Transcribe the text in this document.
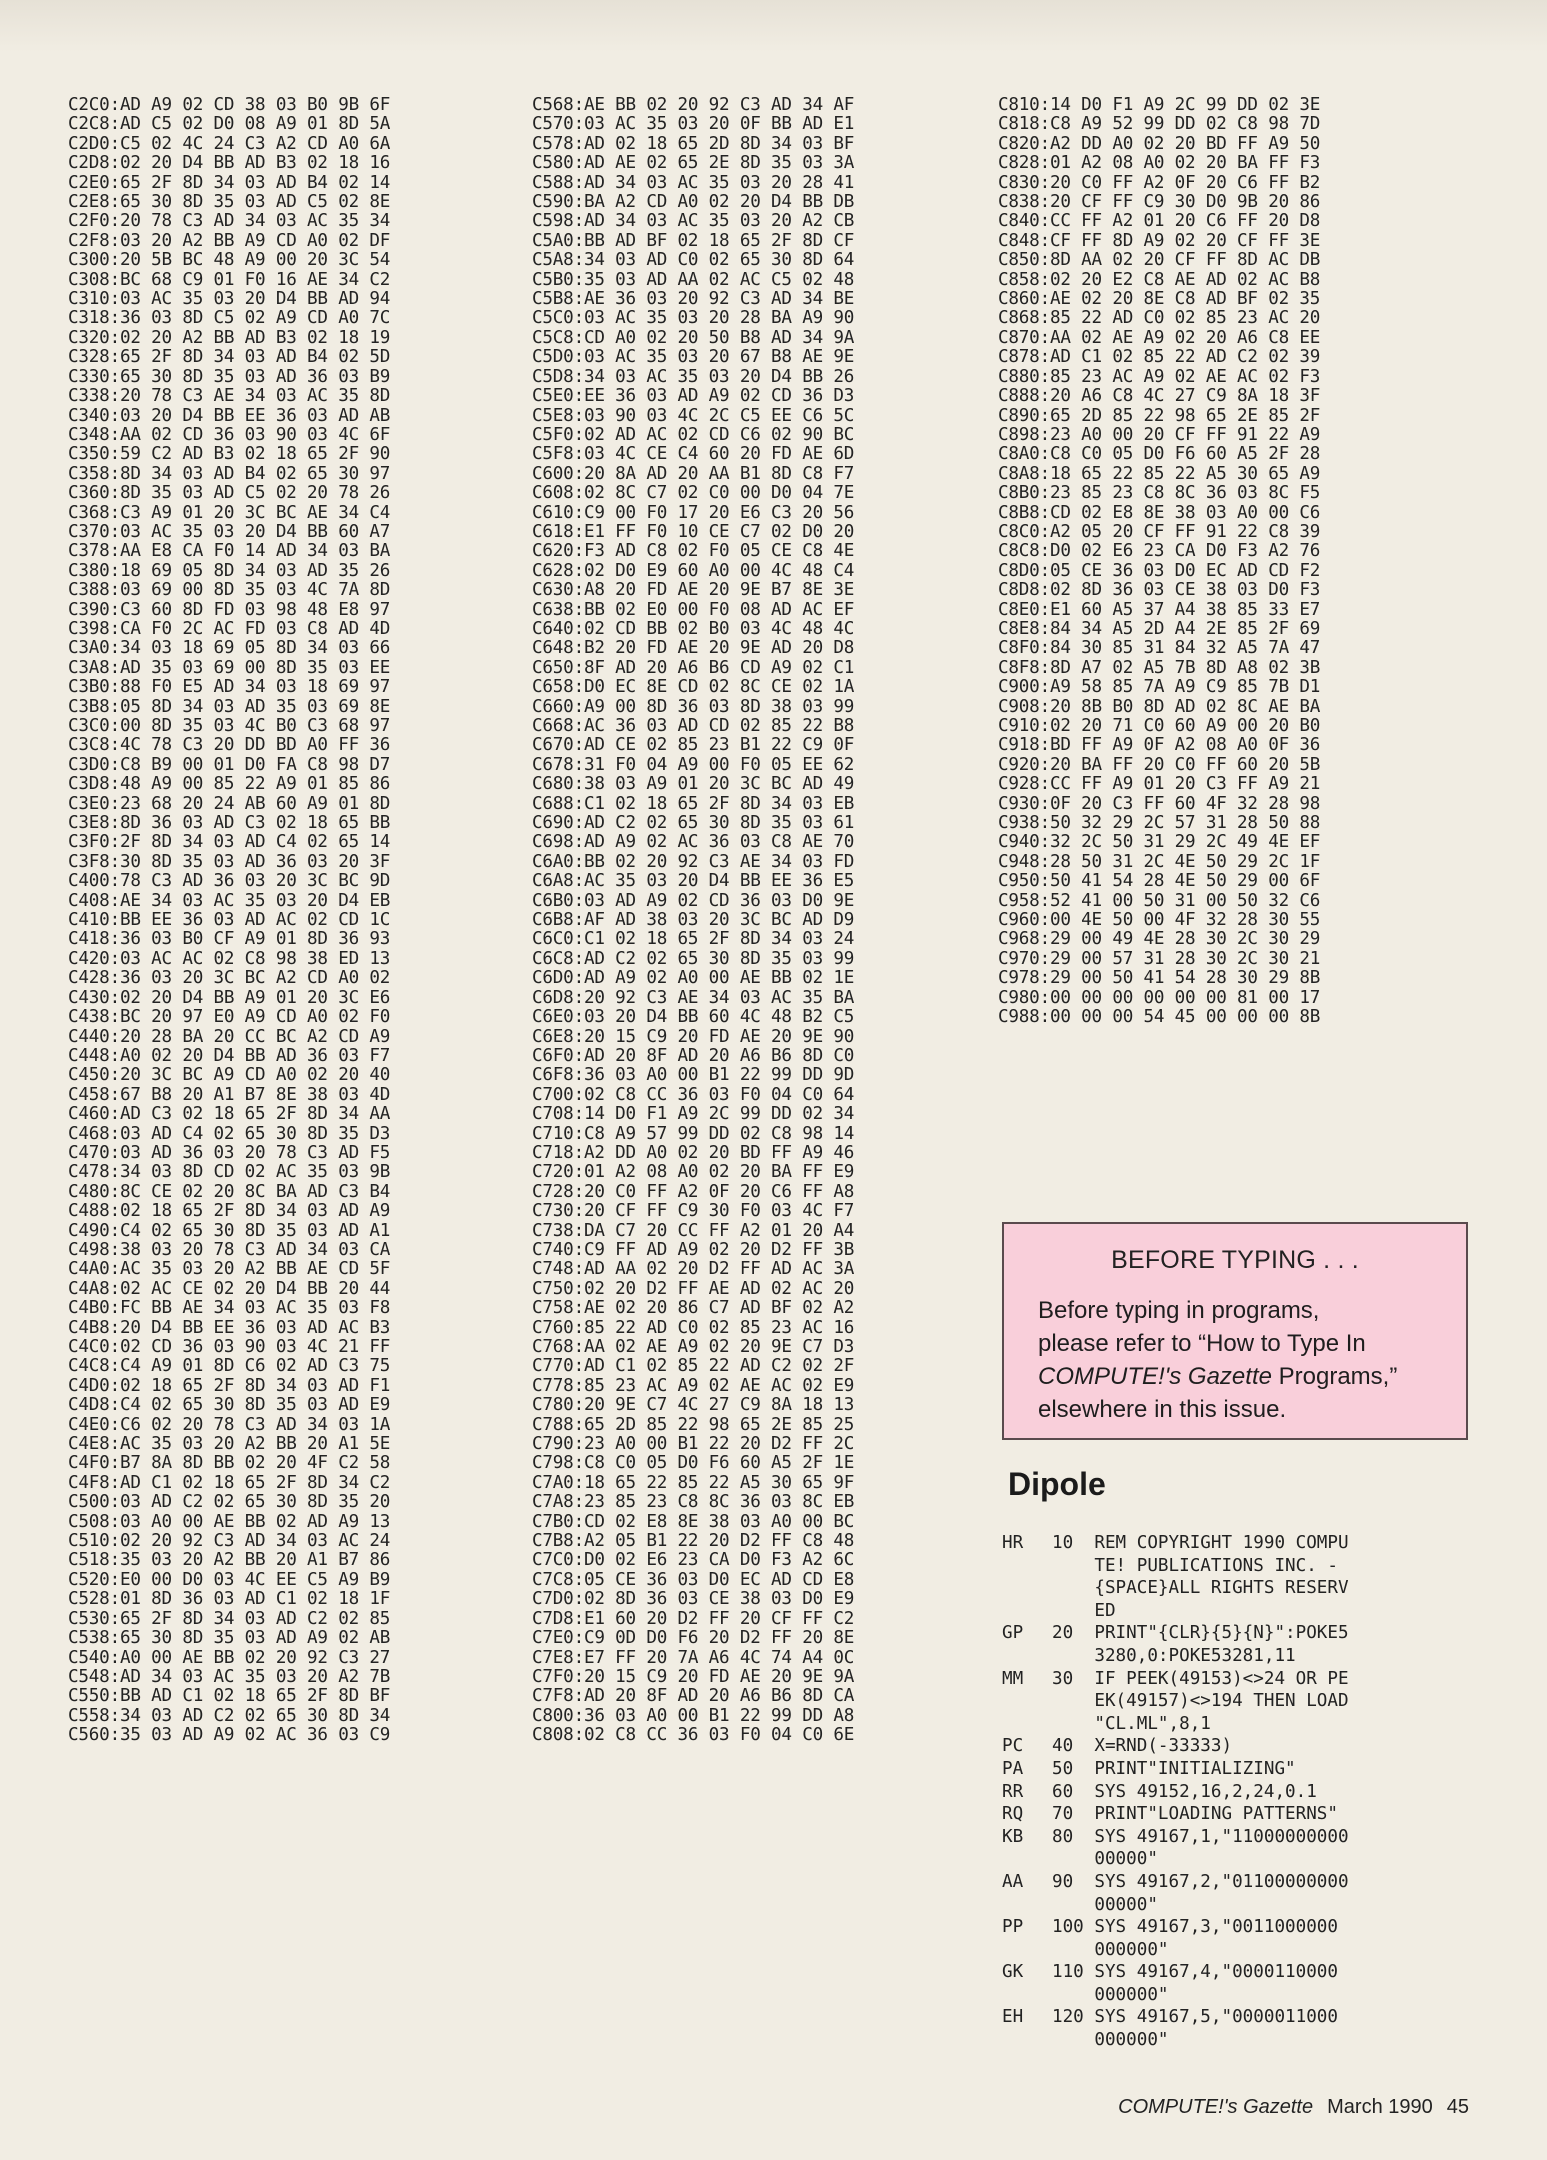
C2C0:AD A9 02 CD 38 03 B0 9B 6F
C2C8:AD C5 02 D0 08 A9 01 8D 5A
C2D0:C5 02 4C 24 C3 A2 CD A0 6A
C2D8:02 20 D4 BB AD B3 02 18 16
C2E0:65 2F 8D 34 03 AD B4 02 14
C2E8:65 30 8D 35 03 AD C5 02 8E
C2F0:20 78 C3 AD 34 03 AC 35 34
C2F8:03 20 A2 BB A9 CD A0 02 DF
C300:20 5B BC 48 A9 00 20 3C 54
C308:BC 68 C9 01 F0 16 AE 34 C2
C310:03 AC 35 03 20 D4 BB AD 94
C318:36 03 8D C5 02 A9 CD A0 7C
C320:02 20 A2 BB AD B3 02 18 19
C328:65 2F 8D 34 03 AD B4 02 5D
C330:65 30 8D 35 03 AD 36 03 B9
C338:20 78 C3 AE 34 03 AC 35 8D
C340:03 20 D4 BB EE 36 03 AD AB
C348:AA 02 CD 36 03 90 03 4C 6F
C350:59 C2 AD B3 02 18 65 2F 90
C358:8D 34 03 AD B4 02 65 30 97
C360:8D 35 03 AD C5 02 20 78 26
C368:C3 A9 01 20 3C BC AE 34 C4
C370:03 AC 35 03 20 D4 BB 60 A7
C378:AA E8 CA F0 14 AD 34 03 BA
C380:18 69 05 8D 34 03 AD 35 26
C388:03 69 00 8D 35 03 4C 7A 8D
C390:C3 60 8D FD 03 98 48 E8 97
C398:CA F0 2C AC FD 03 C8 AD 4D
C3A0:34 03 18 69 05 8D 34 03 66
C3A8:AD 35 03 69 00 8D 35 03 EE
C3B0:88 F0 E5 AD 34 03 18 69 97
C3B8:05 8D 34 03 AD 35 03 69 8E
C3C0:00 8D 35 03 4C B0 C3 68 97
C3C8:4C 78 C3 20 DD BD A0 FF 36
C3D0:C8 B9 00 01 D0 FA C8 98 D7
C3D8:48 A9 00 85 22 A9 01 85 86
C3E0:23 68 20 24 AB 60 A9 01 8D
C3E8:8D 36 03 AD C3 02 18 65 BB
C3F0:2F 8D 34 03 AD C4 02 65 14
C3F8:30 8D 35 03 AD 36 03 20 3F
C400:78 C3 AD 36 03 20 3C BC 9D
C408:AE 34 03 AC 35 03 20 D4 EB
C410:BB EE 36 03 AD AC 02 CD 1C
C418:36 03 B0 CF A9 01 8D 36 93
C420:03 AC AC 02 C8 98 38 ED 13
C428:36 03 20 3C BC A2 CD A0 02
C430:02 20 D4 BB A9 01 20 3C E6
C438:BC 20 97 E0 A9 CD A0 02 F0
C440:20 28 BA 20 CC BC A2 CD A9
C448:A0 02 20 D4 BB AD 36 03 F7
C450:20 3C BC A9 CD A0 02 20 40
C458:67 B8 20 A1 B7 8E 38 03 4D
C460:AD C3 02 18 65 2F 8D 34 AA
C468:03 AD C4 02 65 30 8D 35 D3
C470:03 AD 36 03 20 78 C3 AD F5
C478:34 03 8D CD 02 AC 35 03 9B
C480:8C CE 02 20 8C BA AD C3 B4
C488:02 18 65 2F 8D 34 03 AD A9
C490:C4 02 65 30 8D 35 03 AD A1
C498:38 03 20 78 C3 AD 34 03 CA
C4A0:AC 35 03 20 A2 BB AE CD 5F
C4A8:02 AC CE 02 20 D4 BB 20 44
C4B0:FC BB AE 34 03 AC 35 03 F8
C4B8:20 D4 BB EE 36 03 AD AC B3
C4C0:02 CD 36 03 90 03 4C 21 FF
C4C8:C4 A9 01 8D C6 02 AD C3 75
C4D0:02 18 65 2F 8D 34 03 AD F1
C4D8:C4 02 65 30 8D 35 03 AD E9
C4E0:C6 02 20 78 C3 AD 34 03 1A
C4E8:AC 35 03 20 A2 BB 20 A1 5E
C4F0:B7 8A 8D BB 02 20 4F C2 58
C4F8:AD C1 02 18 65 2F 8D 34 C2
C500:03 AD C2 02 65 30 8D 35 20
C508:03 A0 00 AE BB 02 AD A9 13
C510:02 20 92 C3 AD 34 03 AC 24
C518:35 03 20 A2 BB 20 A1 B7 86
C520:E0 00 D0 03 4C EE C5 A9 B9
C528:01 8D 36 03 AD C1 02 18 1F
C530:65 2F 8D 34 03 AD C2 02 85
C538:65 30 8D 35 03 AD A9 02 AB
C540:A0 00 AE BB 02 20 92 C3 27
C548:AD 34 03 AC 35 03 20 A2 7B
C550:BB AD C1 02 18 65 2F 8D BF
C558:34 03 AD C2 02 65 30 8D 34
C560:35 03 AD A9 02 AC 36 03 C9
C568:AE BB 02 20 92 C3 AD 34 AF
C570:03 AC 35 03 20 0F BB AD E1
C578:AD 02 18 65 2D 8D 34 03 BF
C580:AD AE 02 65 2E 8D 35 03 3A
C588:AD 34 03 AC 35 03 20 28 41
C590:BA A2 CD A0 02 20 D4 BB DB
C598:AD 34 03 AC 35 03 20 A2 CB
C5A0:BB AD BF 02 18 65 2F 8D CF
C5A8:34 03 AD C0 02 65 30 8D 64
C5B0:35 03 AD AA 02 AC C5 02 48
C5B8:AE 36 03 20 92 C3 AD 34 BE
C5C0:03 AC 35 03 20 28 BA A9 90
C5C8:CD A0 02 20 50 B8 AD 34 9A
C5D0:03 AC 35 03 20 67 B8 AE 9E
C5D8:34 03 AC 35 03 20 D4 BB 26
C5E0:EE 36 03 AD A9 02 CD 36 D3
C5E8:03 90 03 4C 2C C5 EE C6 5C
C5F0:02 AD AC 02 CD C6 02 90 BC
C5F8:03 4C CE C4 60 20 FD AE 6D
C600:20 8A AD 20 AA B1 8D C8 F7
C608:02 8C C7 02 C0 00 D0 04 7E
C610:C9 00 F0 17 20 E6 C3 20 56
C618:E1 FF F0 10 CE C7 02 D0 20
C620:F3 AD C8 02 F0 05 CE C8 4E
C628:02 D0 E9 60 A0 00 4C 48 C4
C630:A8 20 FD AE 20 9E B7 8E 3E
C638:BB 02 E0 00 F0 08 AD AC EF
C640:02 CD BB 02 B0 03 4C 48 4C
C648:B2 20 FD AE 20 9E AD 20 D8
C650:8F AD 20 A6 B6 CD A9 02 C1
C658:D0 EC 8E CD 02 8C CE 02 1A
C660:A9 00 8D 36 03 8D 38 03 99
C668:AC 36 03 AD CD 02 85 22 B8
C670:AD CE 02 85 23 B1 22 C9 0F
C678:31 F0 04 A9 00 F0 05 EE 62
C680:38 03 A9 01 20 3C BC AD 49
C688:C1 02 18 65 2F 8D 34 03 EB
C690:AD C2 02 65 30 8D 35 03 61
C698:AD A9 02 AC 36 03 C8 AE 70
C6A0:BB 02 20 92 C3 AE 34 03 FD
C6A8:AC 35 03 20 D4 BB EE 36 E5
C6B0:03 AD A9 02 CD 36 03 D0 9E
C6B8:AF AD 38 03 20 3C BC AD D9
C6C0:C1 02 18 65 2F 8D 34 03 24
C6C8:AD C2 02 65 30 8D 35 03 99
C6D0:AD A9 02 A0 00 AE BB 02 1E
C6D8:20 92 C3 AE 34 03 AC 35 BA
C6E0:03 20 D4 BB 60 4C 48 B2 C5
C6E8:20 15 C9 20 FD AE 20 9E 90
C6F0:AD 20 8F AD 20 A6 B6 8D C0
C6F8:36 03 A0 00 B1 22 99 DD 9D
C700:02 C8 CC 36 03 F0 04 C0 64
C708:14 D0 F1 A9 2C 99 DD 02 34
C710:C8 A9 57 99 DD 02 C8 98 14
C718:A2 DD A0 02 20 BD FF A9 46
C720:01 A2 08 A0 02 20 BA FF E9
C728:20 C0 FF A2 0F 20 C6 FF A8
C730:20 CF FF C9 30 F0 03 4C F7
C738:DA C7 20 CC FF A2 01 20 A4
C740:C9 FF AD A9 02 20 D2 FF 3B
C748:AD AA 02 20 D2 FF AD AC 3A
C750:02 20 D2 FF AE AD 02 AC 20
C758:AE 02 20 86 C7 AD BF 02 A2
C760:85 22 AD C0 02 85 23 AC 16
C768:AA 02 AE A9 02 20 9E C7 D3
C770:AD C1 02 85 22 AD C2 02 2F
C778:85 23 AC A9 02 AE AC 02 E9
C780:20 9E C7 4C 27 C9 8A 18 13
C788:65 2D 85 22 98 65 2E 85 25
C790:23 A0 00 B1 22 20 D2 FF 2C
C798:C8 C0 05 D0 F6 60 A5 2F 1E
C7A0:18 65 22 85 22 A5 30 65 9F
C7A8:23 85 23 C8 8C 36 03 8C EB
C7B0:CD 02 E8 8E 38 03 A0 00 BC
C7B8:A2 05 B1 22 20 D2 FF C8 48
C7C0:D0 02 E6 23 CA D0 F3 A2 6C
C7C8:05 CE 36 03 D0 EC AD CD E8
C7D0:02 8D 36 03 CE 38 03 D0 E9
C7D8:E1 60 20 D2 FF 20 CF FF C2
C7E0:C9 0D D0 F6 20 D2 FF 20 8E
C7E8:E7 FF 20 7A A6 4C 74 A4 0C
C7F0:20 15 C9 20 FD AE 20 9E 9A
C7F8:AD 20 8F AD 20 A6 B6 8D CA
C800:36 03 A0 00 B1 22 99 DD A8
C808:02 C8 CC 36 03 F0 04 C0 6E
C810:14 D0 F1 A9 2C 99 DD 02 3E
C818:C8 A9 52 99 DD 02 C8 98 7D
C820:A2 DD A0 02 20 BD FF A9 50
C828:01 A2 08 A0 02 20 BA FF F3
C830:20 C0 FF A2 0F 20 C6 FF B2
C838:20 CF FF C9 30 D0 9B 20 86
C840:CC FF A2 01 20 C6 FF 20 D8
C848:CF FF 8D A9 02 20 CF FF 3E
C850:8D AA 02 20 CF FF 8D AC DB
C858:02 20 E2 C8 AE AD 02 AC B8
C860:AE 02 20 8E C8 AD BF 02 35
C868:85 22 AD C0 02 85 23 AC 20
C870:AA 02 AE A9 02 20 A6 C8 EE
C878:AD C1 02 85 22 AD C2 02 39
C880:85 23 AC A9 02 AE AC 02 F3
C888:20 A6 C8 4C 27 C9 8A 18 3F
C890:65 2D 85 22 98 65 2E 85 2F
C898:23 A0 00 20 CF FF 91 22 A9
C8A0:C8 C0 05 D0 F6 60 A5 2F 28
C8A8:18 65 22 85 22 A5 30 65 A9
C8B0:23 85 23 C8 8C 36 03 8C F5
C8B8:CD 02 E8 8E 38 03 A0 00 C6
C8C0:A2 05 20 CF FF 91 22 C8 39
C8C8:D0 02 E6 23 CA D0 F3 A2 76
C8D0:05 CE 36 03 D0 EC AD CD F2
C8D8:02 8D 36 03 CE 38 03 D0 F3
C8E0:E1 60 A5 37 A4 38 85 33 E7
C8E8:84 34 A5 2D A4 2E 85 2F 69
C8F0:84 30 85 31 84 32 A5 7A 47
C8F8:8D A7 02 A5 7B 8D A8 02 3B
C900:A9 58 85 7A A9 C9 85 7B D1
C908:20 8B B0 8D AD 02 8C AE BA
C910:02 20 71 C0 60 A9 00 20 B0
C918:BD FF A9 0F A2 08 A0 0F 36
C920:20 BA FF 20 C0 FF 60 20 5B
C928:CC FF A9 01 20 C3 FF A9 21
C930:0F 20 C3 FF 60 4F 32 28 98
C938:50 32 29 2C 57 31 28 50 88
C940:32 2C 50 31 29 2C 49 4E EF
C948:28 50 31 2C 4E 50 29 2C 1F
C950:50 41 54 28 4E 50 29 00 6F
C958:52 41 00 50 31 00 50 32 C6
C960:00 4E 50 00 4F 32 28 30 55
C968:29 00 49 4E 28 30 2C 30 29
C970:29 00 57 31 28 30 2C 30 21
C978:29 00 50 41 54 28 30 29 8B
C980:00 00 00 00 00 00 81 00 17
C988:00 00 00 54 45 00 00 00 8B
BEFORE TYPING . . .
Before typing in programs,
please refer to “How to Type In
COMPUTE!'s Gazette Programs,”
elsewhere in this issue.
Dipole
HR 10  REM COPYRIGHT 1990 COMPU
TE! PUBLICATIONS INC. -
{SPACE}ALL RIGHTS RESERV
ED
GP 20  PRINT"{CLR}{5}{N}":POKE5
3280,0:POKE53281,11
MM 30  IF PEEK(49153)<>24 OR PE
EK(49157)<>194 THEN LOAD
"CL.ML",8,1
PC 40  X=RND(-33333)
PA 50  PRINT"INITIALIZING"
RR 60  SYS 49152,16,2,24,0.1
RQ 70  PRINT"LOADING PATTERNS"
KB 80  SYS 49167,1,"11000000000
00000"
AA 90  SYS 49167,2,"01100000000
00000"
PP 100 SYS 49167,3,"0011000000
000000"
GK 110 SYS 49167,4,"0000110000
000000"
EH 120 SYS 49167,5,"0000011000
000000"
COMPUTE!'s Gazette March 1990 45
